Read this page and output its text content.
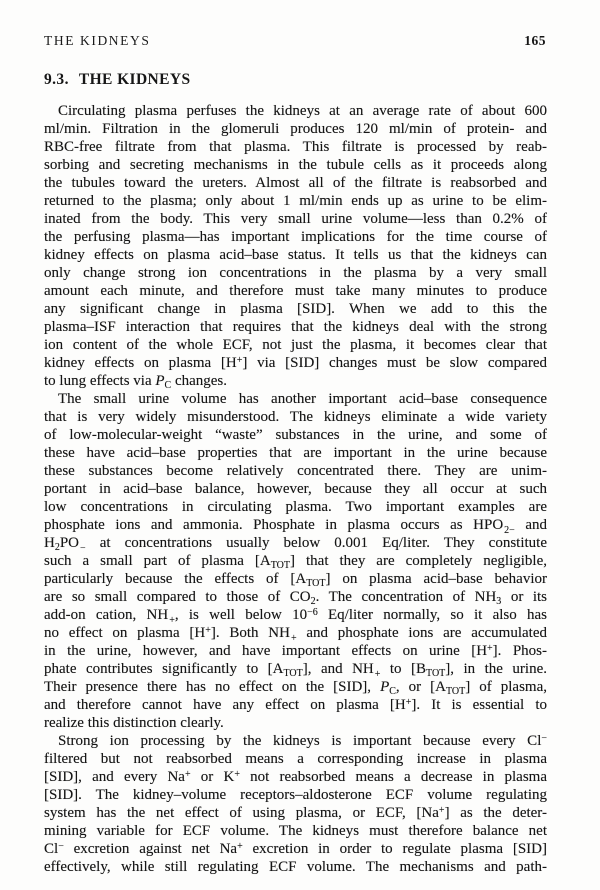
THE KIDNEYS	165
9.3. THE KIDNEYS
Circulating plasma perfuses the kidneys at an average rate of about 600
ml/min. Filtration in the glomeruli produces 120 ml/min of protein- and
RBC-free filtrate from that plasma. This filtrate is processed by reab-
sorbing and secreting mechanisms in the tubule cells as it proceeds along
the tubules toward the ureters. Almost all of the filtrate is reabsorbed and
returned to the plasma; only about 1 ml/min ends up as urine to be elim-
inated from the body. This very small urine volume—less than 0.2% of
the perfusing plasma—has important implications for the time course of
kidney effects on plasma acid–base status. It tells us that the kidneys can
only change strong ion concentrations in the plasma by a very small
amount each minute, and therefore must take many minutes to produce
any significant change in plasma [SID]. When we add to this the
plasma–ISF interaction that requires that the kidneys deal with the strong
ion content of the whole ECF, not just the plasma, it becomes clear that
kidney effects on plasma [H+] via [SID] changes must be slow compared
to lung effects via $P_C$ changes.
The small urine volume has another important acid–base consequence
that is very widely misunderstood. The kidneys eliminate a wide variety
of low-molecular-weight “waste” substances in the urine, and some of
these have acid–base properties that are important in the urine because
these substances become relatively concentrated there. They are unim-
portant in acid–base balance, however, because they all occur at such
low concentrations in circulating plasma. Two important examples are
phosphate ions and ammonia. Phosphate in plasma occurs as HPO 2− and
$H_2PO$ − at concentrations usually below 0.001 Eq/liter. They constitute
such a small part of plasma $[A_{TOT}]$ that they are completely negligible,
particularly because the effects of $[A_{TOT}]$ on plasma acid–base behavior
are so small compared to those of $CO_2$. The concentration of $NH_3$ or its
add-on cation, NH + , is well below $10^{-6}$ Eq/liter normally, so it also has
no effect on plasma [H+]. Both NH + and phosphate ions are accumulated
in the urine, however, and have important effects on urine [H+]. Phos-
phate contributes significantly to $[A_{TOT}]$, and NH + to $[B_{TOT}]$, in the urine.
Their presence there has no effect on the [SID], $P_C$, or $[A_{TOT}]$ of plasma,
and therefore cannot have any effect on plasma [H+]. It is essential to
realize this distinction clearly.
Strong ion processing by the kidneys is important because every Cl−
filtered but not reabsorbed means a corresponding increase in plasma
[SID], and every Na+ or K+ not reabsorbed means a decrease in plasma
[SID]. The kidney–volume receptors–aldosterone ECF volume regulating
system has the net effect of using plasma, or ECF, [Na+] as the deter-
mining variable for ECF volume. The kidneys must therefore balance net
Cl− excretion against net Na+ excretion in order to regulate plasma [SID]
effectively, while still regulating ECF volume. The mechanisms and path-
